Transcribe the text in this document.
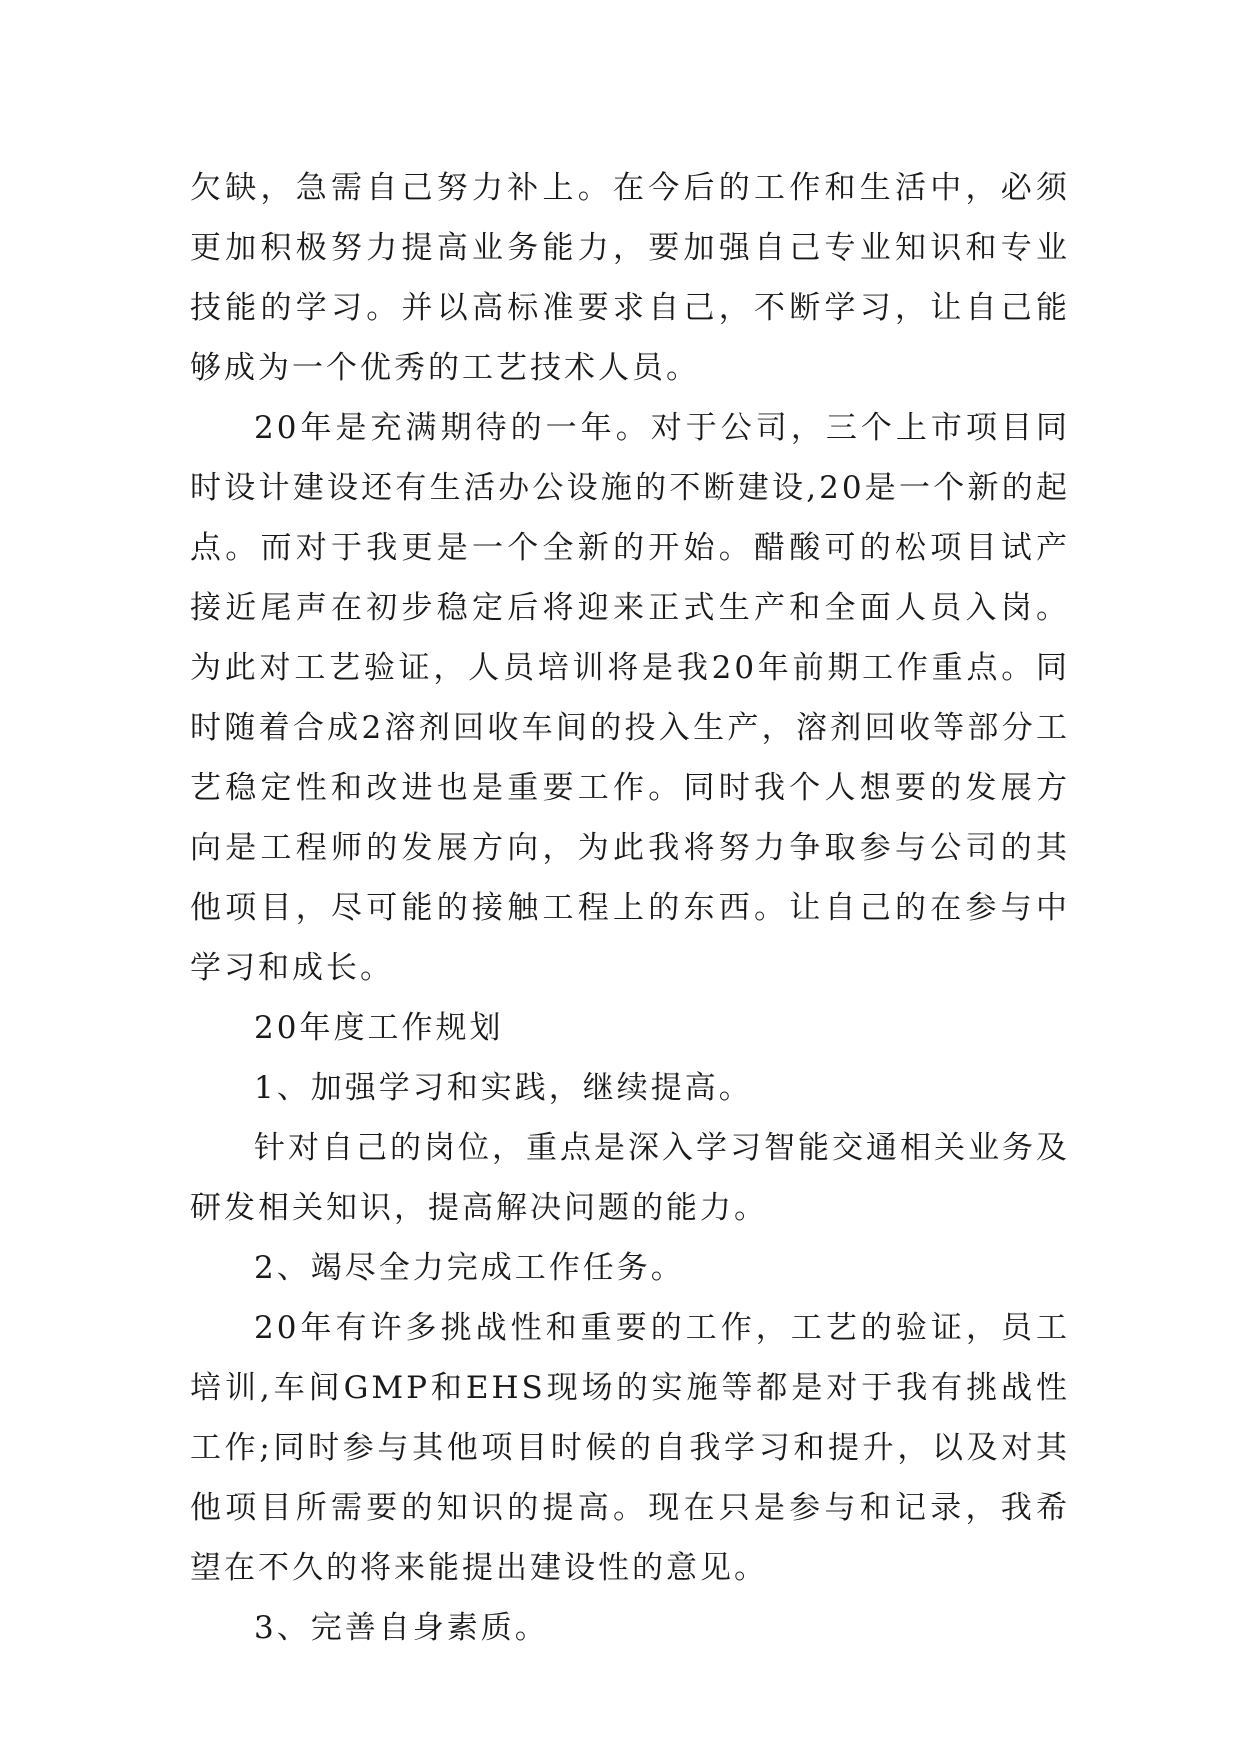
欠缺，急需自己努力补上。在今后的工作和生活中，必须更加积极努力提高业务能力，要加强自己专业知识和专业技能的学习。并以高标准要求自己，不断学习，让自己能够成为一个优秀的工艺技术人员。

20年是充满期待的一年。对于公司，三个上市项目同时设计建设还有生活办公设施的不断建设,20是一个新的起点。而对于我更是一个全新的开始。醋酸可的松项目试产接近尾声在初步稳定后将迎来正式生产和全面人员入岗。为此对工艺验证，人员培训将是我20年前期工作重点。同时随着合成2溶剂回收车间的投入生产，溶剂回收等部分工艺稳定性和改进也是重要工作。同时我个人想要的发展方向是工程师的发展方向，为此我将努力争取参与公司的其他项目，尽可能的接触工程上的东西。让自己的在参与中学习和成长。

20年度工作规划

1、加强学习和实践，继续提高。

针对自己的岗位，重点是深入学习智能交通相关业务及研发相关知识，提高解决问题的能力。

2、竭尽全力完成工作任务。

20年有许多挑战性和重要的工作，工艺的验证，员工培训,车间GMP和EHS现场的实施等都是对于我有挑战性工作;同时参与其他项目时候的自我学习和提升，以及对其他项目所需要的知识的提高。现在只是参与和记录，我希望在不久的将来能提出建设性的意见。

3、完善自身素质。
